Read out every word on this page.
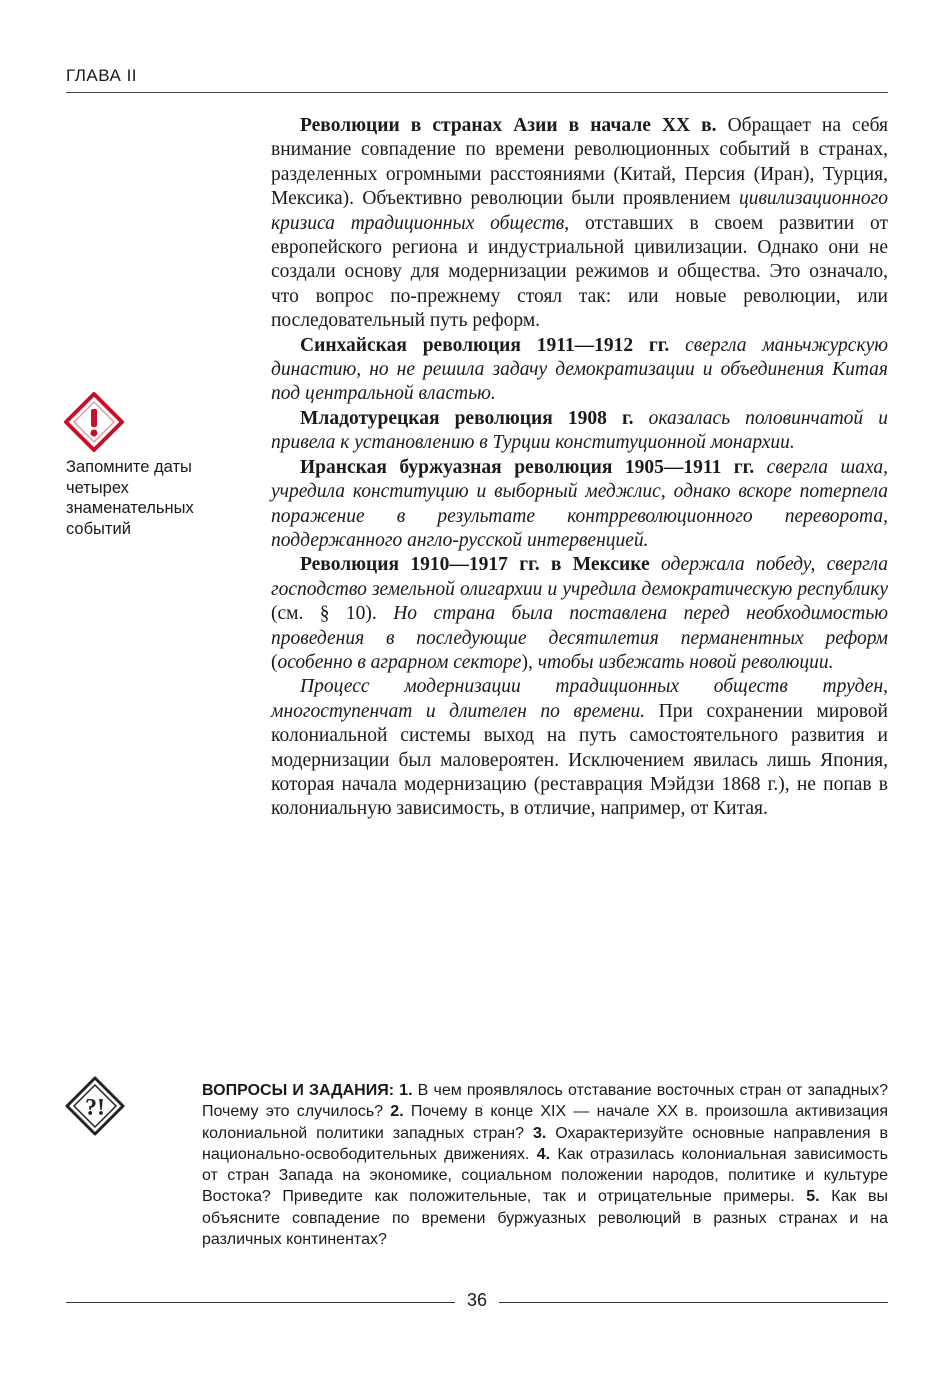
ГЛАВА II

Революции в странах Азии в начале XX в. Обращает на себя внимание совпадение по времени революционных событий в странах, разделенных огромными расстояниями (Китай, Персия (Иран), Турция, Мексика). Объективно революции были проявлением цивилизационного кризиса традиционных обществ, отставших в своем развитии от европейского региона и индустриальной цивилизации. Однако они не создали основу для модернизации режимов и общества. Это означало, что вопрос по-прежнему стоял так: или новые революции, или последовательный путь реформ.

Синхайская революция 1911—1912 гг. свергла маньчжурскую династию, но не решила задачу демократизации и объединения Китая под центральной властью.

Младотурецкая революция 1908 г. оказалась половинчатой и привела к установлению в Турции конституционной монархии.

Иранская буржуазная революция 1905—1911 гг. свергла шаха, учредила конституцию и выборный меджлис, однако вскоре потерпела поражение в результате контрреволюционного переворота, поддержанного англо-русской интервенцией.

Революция 1910—1917 гг. в Мексике одержала победу, свергла господство земельной олигархии и учредила демократическую республику (см. § 10). Но страна была поставлена перед необходимостью проведения в последующие десятилетия перманентных реформ (особенно в аграрном секторе), чтобы избежать новой революции.

Процесс модернизации традиционных обществ труден, многоступенчат и длителен по времени. При сохранении мировой колониальной системы выход на путь самостоятельного развития и модернизации был маловероятен. Исключением явилась лишь Япония, которая начала модернизацию (реставрация Мэйдзи 1868 г.), не попав в колониальную зависимость, в отличие, например, от Китая.

Запомните даты четырех знаменательных событий
?!
ВОПРОСЫ И ЗАДАНИЯ: 1. В чем проявлялось отставание восточных стран от западных? Почему это случилось? 2. Почему в конце XIX — начале XX в. произошла активизация колониальной политики западных стран? 3. Охарактеризуйте основные направления в национально-освободительных движениях. 4. Как отразилась колониальная зависимость от стран Запада на экономике, социальном положении народов, политике и культуре Востока? Приведите как положительные, так и отрицательные примеры. 5. Как вы объясните совпадение по времени буржуазных революций в разных странах и на различных континентах?
36
